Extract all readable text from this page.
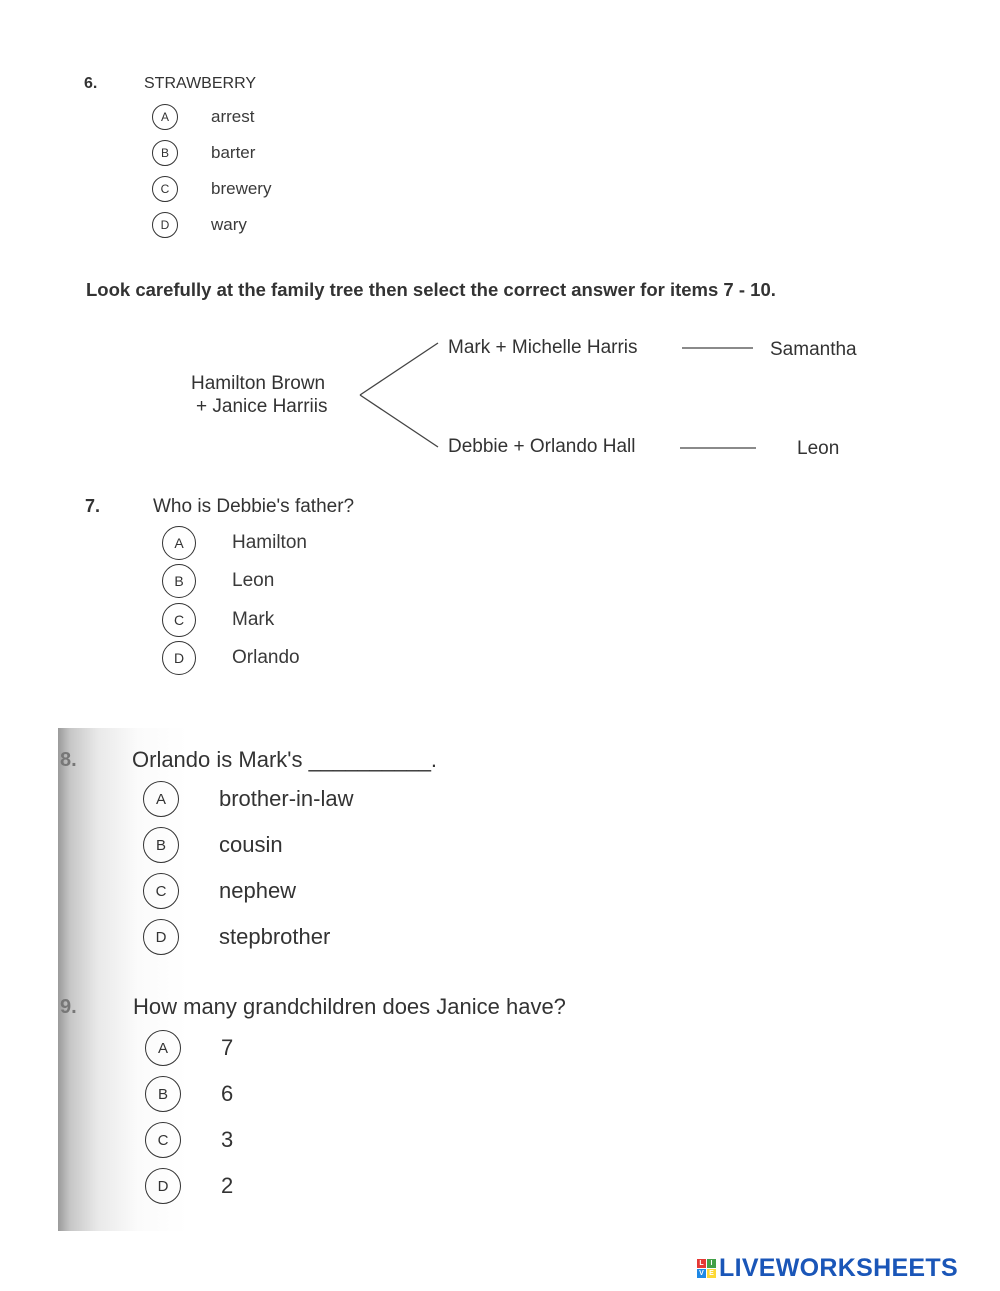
6.	STRAWBERRY
A	arrest
B	barter
C	brewery
D	wary
Look carefully at the family tree then select the correct answer for items 7 - 10.
Hamilton Brown
+ Janice Harriis
Mark + Michelle Harris	Samantha
Debbie + Orlando Hall	Leon
7.	Who is Debbie's father?
A	Hamilton
B	Leon
C	Mark
D	Orlando
8.	Orlando is Mark's __________.
A	brother-in-law
B	cousin
C	nephew
D	stepbrother
9.	How many grandchildren does Janice have?
A	7
B	6
C	3
D	2
L I
V E LIVEWORKSHEETS
